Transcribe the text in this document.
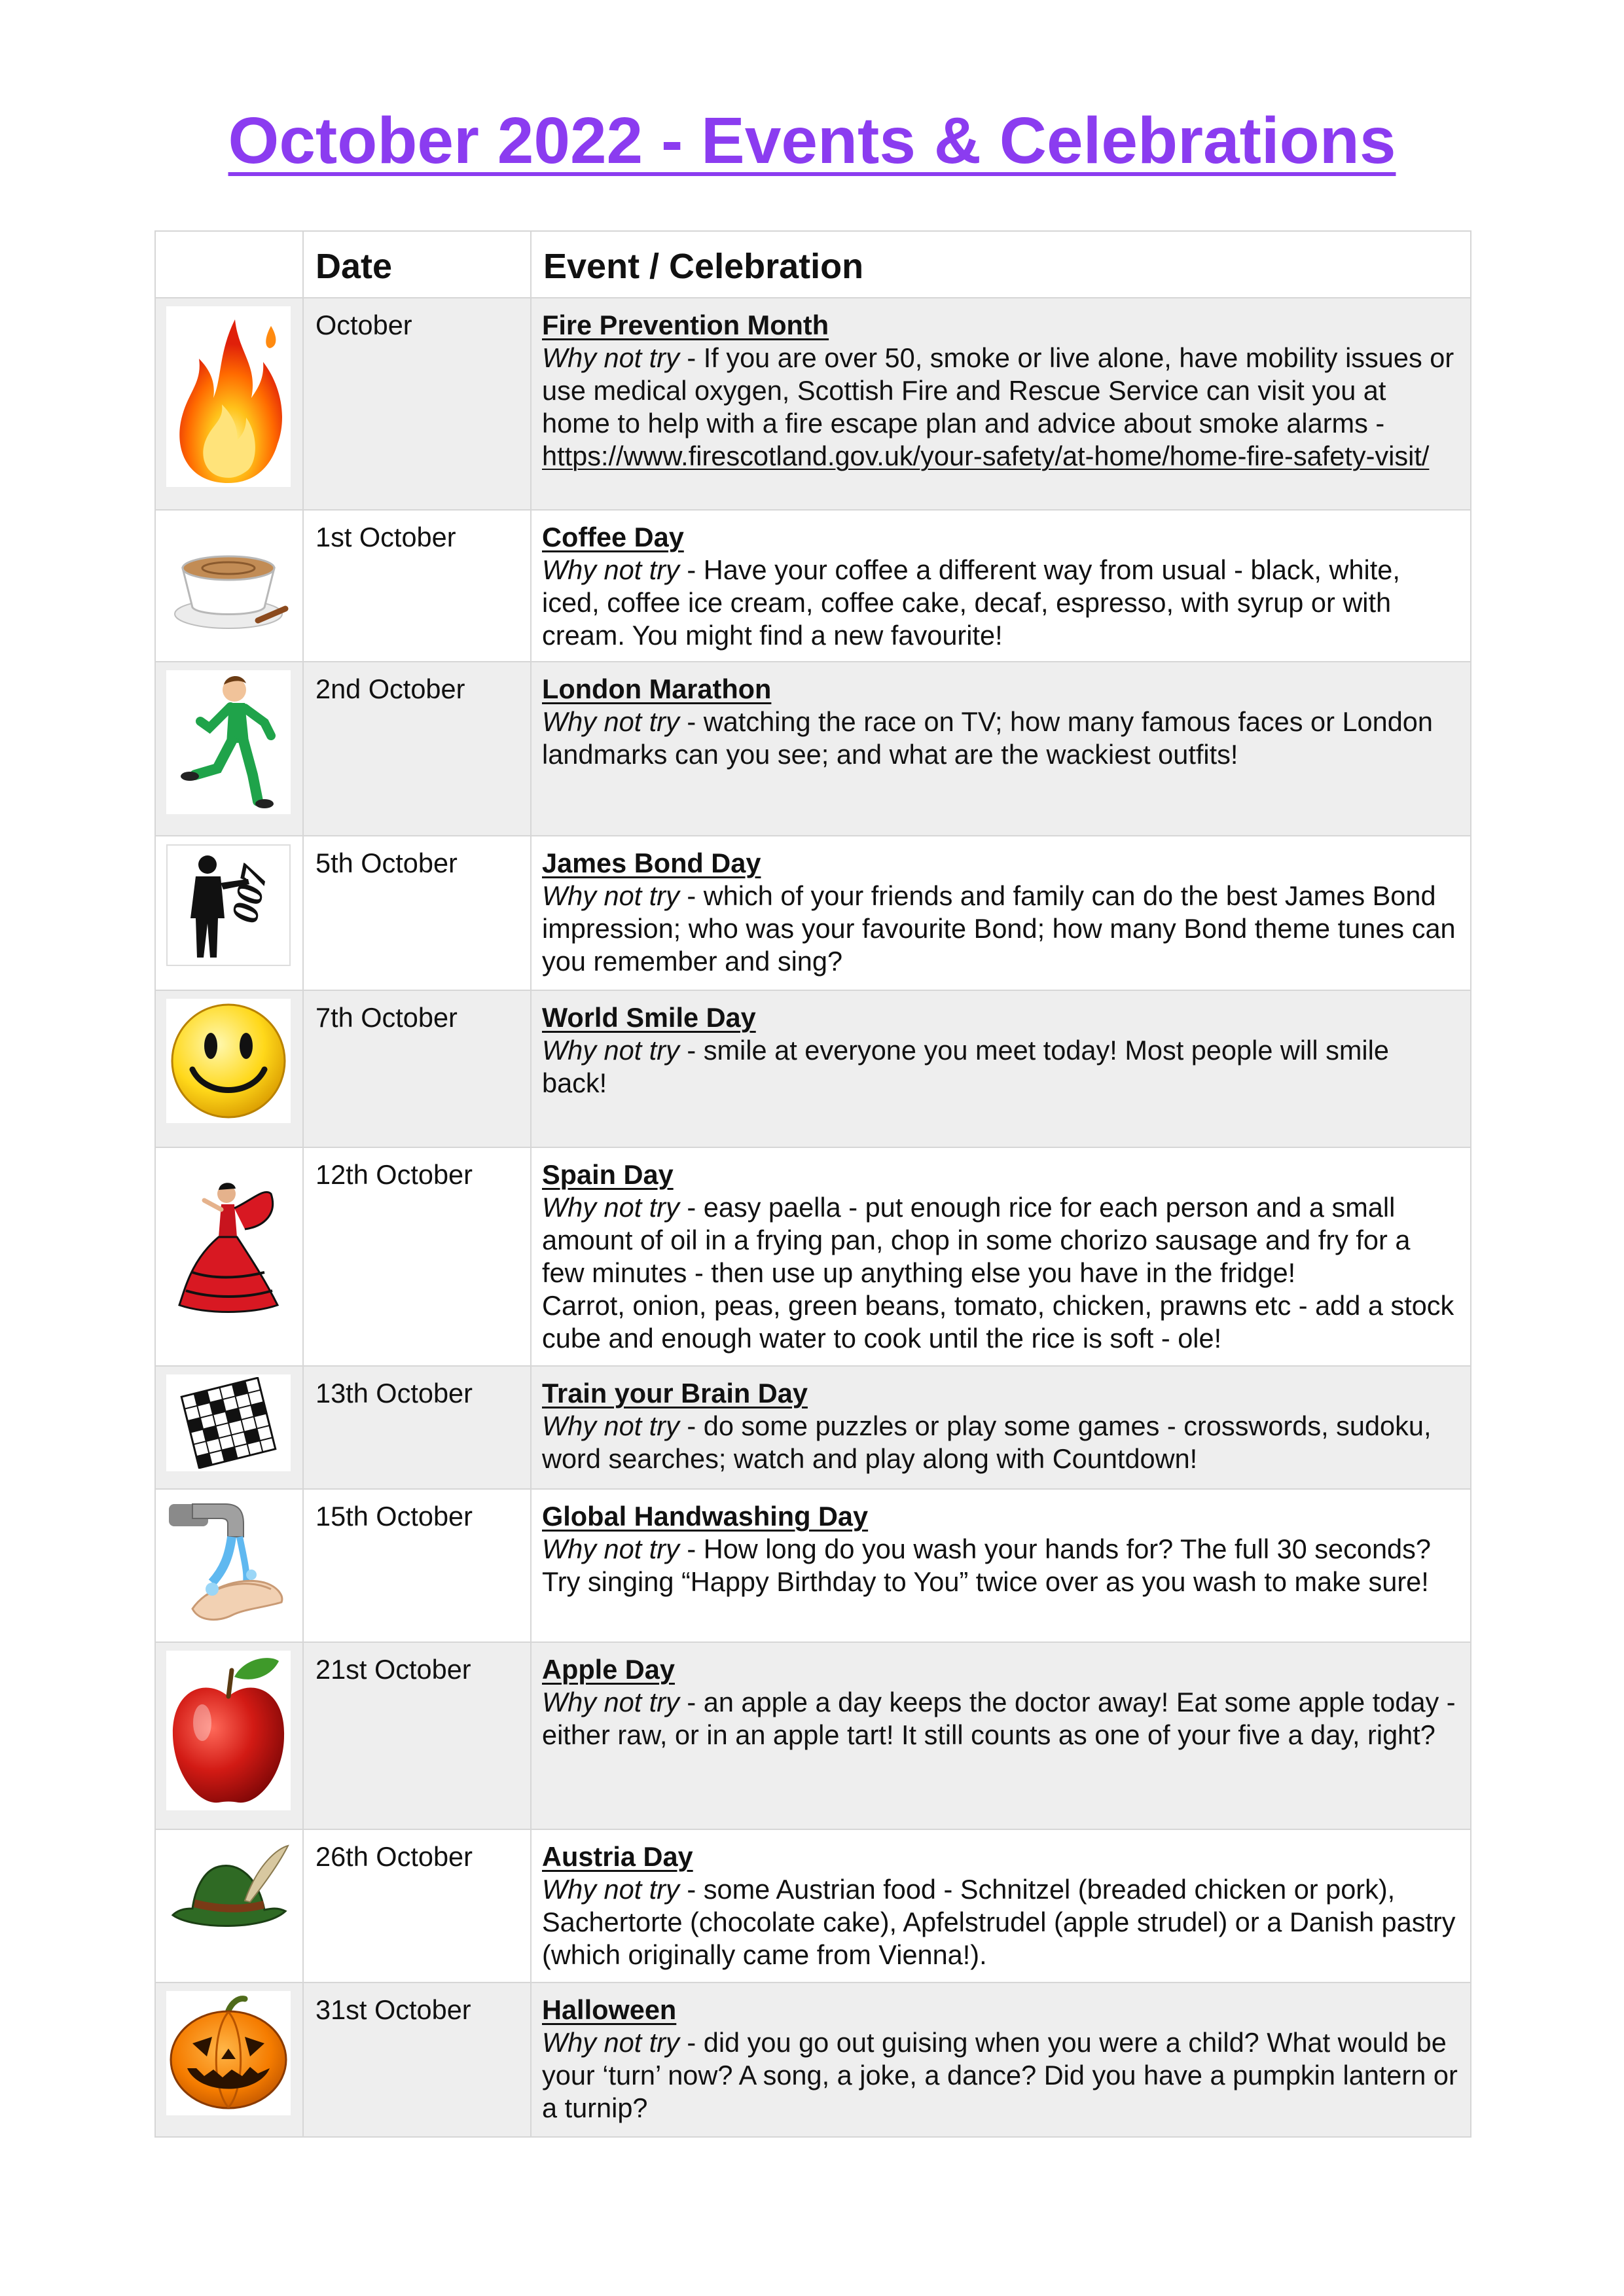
October 2022 - Events & Celebrations
	Date	Event / Celebration

	October	Fire Prevention Month
Why not try - If you are over 50, smoke or live alone, have mobility issues or use medical oxygen, Scottish Fire and Rescue Service can visit you at home to help with a fire escape plan and advice about smoke alarms -
https://www.firescotland.gov.uk/your-safety/at-home/home-fire-safety-visit/

	1st October	Coffee Day
Why not try - Have your coffee a different way from usual - black, white, iced, coffee ice cream, coffee cake, decaf, espresso, with syrup or with cream. You might find a new favourite!

	2nd October	London Marathon
Why not try - watching the race on TV; how many famous faces or London landmarks can you see; and what are the wackiest outfits!

007	5th October	James Bond Day
Why not try - which of your friends and family can do the best James Bond impression; who was your favourite Bond; how many Bond theme tunes can you remember and sing?

	7th October	World Smile Day
Why not try - smile at everyone you meet today! Most people will smile back!

	12th October	Spain Day
Why not try - easy paella - put enough rice for each person and a small amount of oil in a frying pan, chop in some chorizo sausage and fry for a few minutes - then use up anything else you have in the fridge!
Carrot, onion, peas, green beans, tomato, chicken, prawns etc - add a stock cube and enough water to cook until the rice is soft - ole!

	13th October	Train your Brain Day
Why not try - do some puzzles or play some games - crosswords, sudoku, word searches; watch and play along with Countdown!

	15th October	Global Handwashing Day
Why not try - How long do you wash your hands for? The full 30 seconds? Try singing “Happy Birthday to You” twice over as you wash to make sure!

	21st October	Apple Day
Why not try - an apple a day keeps the doctor away! Eat some apple today - either raw, or in an apple tart! It still counts as one of your five a day, right?

	26th October	Austria Day
Why not try - some Austrian food - Schnitzel (breaded chicken or pork), Sachertorte (chocolate cake), Apfelstrudel (apple strudel) or a Danish pastry (which originally came from Vienna!).

	31st October	Halloween
Why not try - did you go out guising when you were a child? What would be your ‘turn’ now? A song, a joke, a dance? Did you have a pumpkin lantern or a turnip?
